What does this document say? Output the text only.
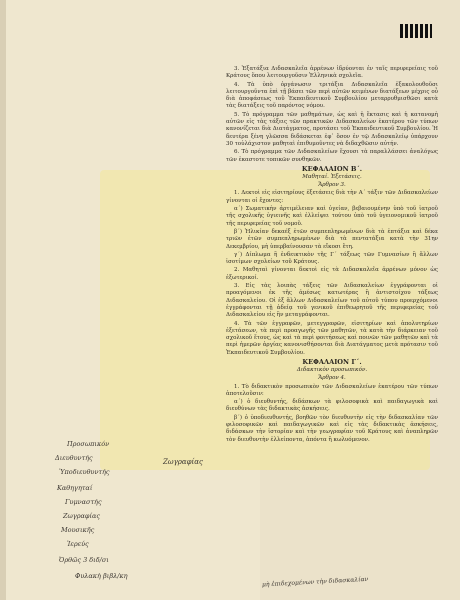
3. Ἐξατάξια Διδασκαλεῖα ἀρρένων ἱδρύονται ἐν ταῖς περιφερείαις τοῦ Κράτους ὅπου λειτουργοῦσιν Ἑλληνικὰ σχολεῖα.

4. Τὰ ὑπὸ ὀργάνωσιν τριτάξια Διδασκαλεῖα ἐξακολουθοῦσι λειτουργοῦντα ἐπὶ τῇ βάσει τῶν περὶ αὐτῶν κειμένων διατάξεων μέχρις οὗ διὰ ἀποφάσεως τοῦ Ἐκπαιδευτικοῦ Συμβουλίου μεταρρυθμισθῶσι κατὰ τὰς διατάξεις τοῦ παρόντος νόμου.

5. Τὸ πρόγραμμα τῶν μαθημάτων, ὡς καὶ ἡ ἔκτασις καὶ ἡ κατανομὴ αὐτῶν εἰς τὰς τάξεις τῶν πρακτικῶν Διδασκαλείων ἑκατέρου τῶν τύπων κανονίζεται διὰ Διατάγματος, προτάσει τοῦ Ἐκπαιδευτικοῦ Συμβουλίου. Ἡ δευτέρα ξένη γλῶσσα διδάσκεται ἐφ᾽ ὅσον ἐν τῷ Διδασκαλείῳ ὑπάρχουν 30 τοὐλάχιστον μαθηταὶ ἐπιθυμοῦντες νὰ διδαχθῶσιν αὐτήν.

6. Τὸ πρόγραμμα τῶν Διδασκαλείων ἔχουσι τὰ παραλλάσσει ἀναλόγως τῶν ἑκαστοτε τοπικῶν συνθηκῶν.

ΚΕΦΑΛΑΙΟΝ Β΄.

Μαθηταί. Ἐξετάσεις.

Ἄρθρον 3.

1. Δεκτοὶ εἰς εἰσιτηρίους ἐξετάσεις διὰ τὴν Α΄ τάξιν τῶν Διδασκαλείων γίνονται οἱ ἔχοντες:

α΄) Σωματικὴν ἀρτιμέλειαν καὶ ὑγείαν, βεβαιουμένην ὑπὸ τοῦ ἰατροῦ τῆς σχολικῆς ὑγιεινῆς καὶ ἐλλείψει τούτου ὑπὸ τοῦ ὑγειονομικοῦ ἰατροῦ τῆς περιφερείας τοῦ νομοῦ.

β΄) Ἡλικίαν δεκαέξ ἐτῶν συμπεπληρωμένων διὰ τὰ ἑπτάξια καὶ δέκα τριῶν ἐτῶν συμπεπληρωμένων διὰ τὰ πεντατάξια κατὰ τὴν 31ην Δεκεμβρίου, μὴ ὑπερβαίνουσαν τὰ εἴκοσι ἔτη.

γ΄) Δίπλωμα ἢ ἐνδεικτικὸν τῆς Γ΄ τάξεως τῶν Γυμνασίων ἢ ἄλλων ἰσοτίμων σχολείων τοῦ Κράτους.

2. Μαθηταὶ γίνονται δεκτοὶ εἰς τὰ Διδασκαλεῖα ἀρρένων μόνον ὡς ἐξωτερικοί.

3. Εἰς τὰς λοιπὰς τάξεις τῶν Διδασκαλείων ἐγγράφονται οἱ προαγόμενοι ἐκ τῆς ἀμέσως κατωτέρας ἢ ἀντιστοίχου τάξεως Διδασκαλείου. Οἱ ἐξ ἄλλων Διδασκαλείων τοῦ αὐτοῦ τύπου προερχόμενοι ἐγγράφονται τῇ ἀδείᾳ τοῦ γενικοῦ ἐπιθεωρητοῦ τῆς περιφερείας τοῦ Διδασκαλείου εἰς ἣν μεταγράφονται.

4. Τὰ τῶν ἐγγραφῶν, μετεγγραφῶν, εἰσιτηρίων καὶ ἀπολυτηρίων ἐξετάσεων, τὰ περὶ προαγωγῆς τῶν μαθητῶν, τὰ κατὰ τὴν διάρκειαν τοῦ σχολικοῦ ἔτους, ὡς καὶ τὰ περὶ φοιτήσεως καὶ ποινῶν τῶν μαθητῶν καὶ τὰ περὶ ἡμερῶν ἀργίας κανονισθήσονται διὰ Διατάγματος μετὰ πρότασιν τοῦ Ἐκπαιδευτικοῦ Συμβουλίου.

ΚΕΦΑΛΑΙΟΝ Γ΄.

Διδακτικὸν προσωπικόν.

Ἄρθρον 4.

1. Τὸ διδακτικὸν προσωπικὸν τῶν Διδασκαλείων ἑκατέρου τῶν τύπων ἀποτελοῦσιν:

α΄) ὁ διευθυντής, διδάσκων τὰ φιλοσοφικὰ καὶ παιδαγωγικὰ καὶ διευθύνων τὰς διδακτικὰς ἀσκήσεις.

β΄) ὁ ὑποδιευθυντής, βοηθῶν τὸν διευθυντὴν εἰς τὴν διδασκαλίαν τῶν φιλοσοφικῶν καὶ παιδαγωγικῶν καὶ εἰς τὰς διδακτικὰς ἀσκήσεις, διδάσκων τὴν ἱστορίαν καὶ τὴν γεωγραφίαν τοῦ Κράτους καὶ ἀναπληρῶν τὸν διευθυντὴν ἐλλείποντα, ἀπόντα ἢ κωλυόμενον.

Προσωπικόν
Διευθυντής
Ὑποδιευθυντής
Καθηγηταί
Γυμναστής
Ζωγραφίας
Μουσικῆς
Ἱερεύς
Ὀρθῶς 3 διδ/σι
Φυλακὴ βιβλ/κη
Ζωγραφίας
μὴ ἐπιδεχομένων τὴν διδασκαλίαν
